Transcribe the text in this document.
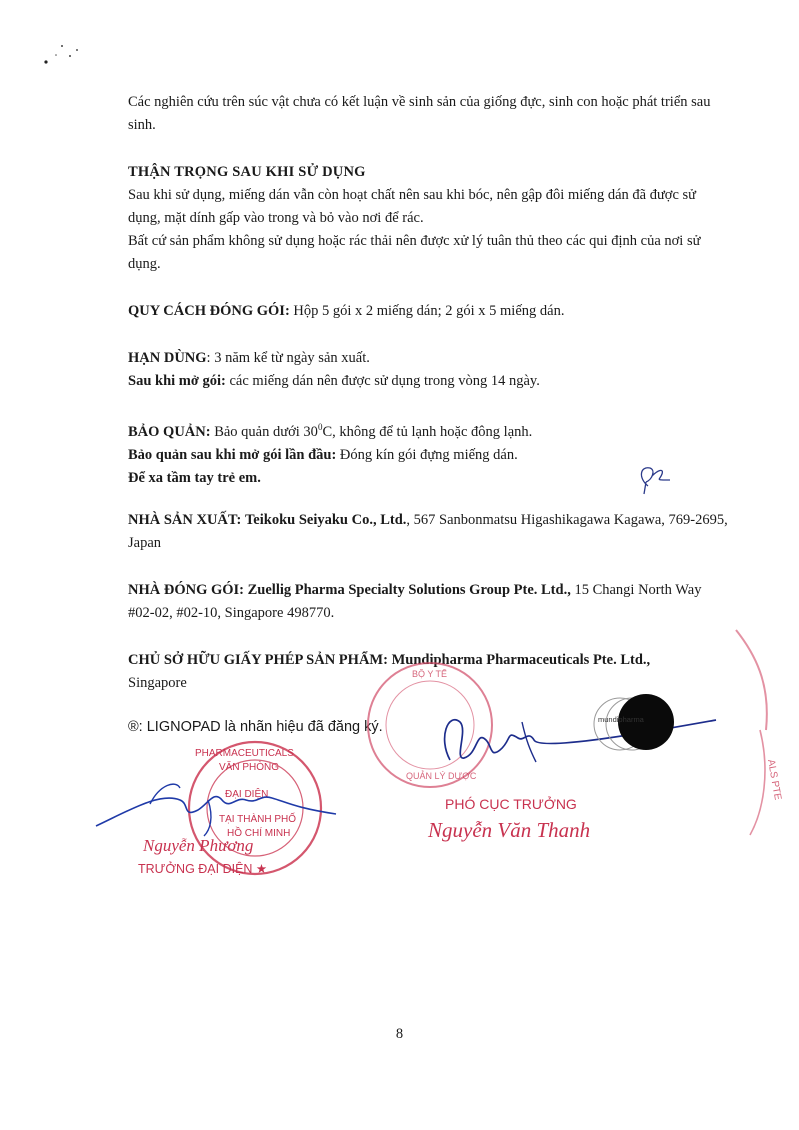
Các nghiên cứu trên súc vật chưa có kết luận về sinh sản của giống đực, sinh con hoặc phát triển sau sinh.
THẬN TRỌNG SAU KHI SỬ DỤNG
Sau khi sử dụng, miếng dán vẫn còn hoạt chất nên sau khi bóc, nên gập đôi miếng dán đã được sử dụng, mặt dính gấp vào trong và bỏ vào nơi để rác.
Bất cứ sản phẩm không sử dụng hoặc rác thải nên được xử lý tuân thủ theo các qui định của nơi sử dụng.
QUY CÁCH ĐÓNG GÓI: Hộp 5 gói x 2 miếng dán; 2 gói x 5 miếng dán.
HẠN DÙNG: 3 năm kể từ ngày sản xuất.
Sau khi mở gói: các miếng dán nên được sử dụng trong vòng 14 ngày.
BẢO QUẢN: Bảo quản dưới $30^0C$, không để tủ lạnh hoặc đông lạnh.
Bảo quản sau khi mở gói lần đầu: Đóng kín gói đựng miếng dán.
Để xa tầm tay trẻ em.
NHÀ SẢN XUẤT: Teikoku Seiyaku Co., Ltd., 567 Sanbonmatsu Higashikagawa Kagawa, 769-2695, Japan
NHÀ ĐÓNG GÓI: Zuellig Pharma Specialty Solutions Group Pte. Ltd., 15 Changi North Way #02-02, #02-10, Singapore 498770.
CHỦ SỞ HỮU GIẤY PHÉP SẢN PHẨM: Mundipharma Pharmaceuticals Pte. Ltd.,
Singapore
®: LIGNOPAD là nhãn hiệu đã đăng ký.
VĂN PHÒNG
ĐẠI DIỆN
TẠI THÀNH PHỐ
HỒ CHÍ MINH
PHARMACEUTICALS
Nguyễn Phương
TRƯỞNG ĐẠI DIỆN ★
BỘ Y TẾ
QUẢN LÝ DƯỢC
mundipharma
PHÓ CỤC TRƯỞNG
Nguyễn Văn Thanh
ALS PTE
8
